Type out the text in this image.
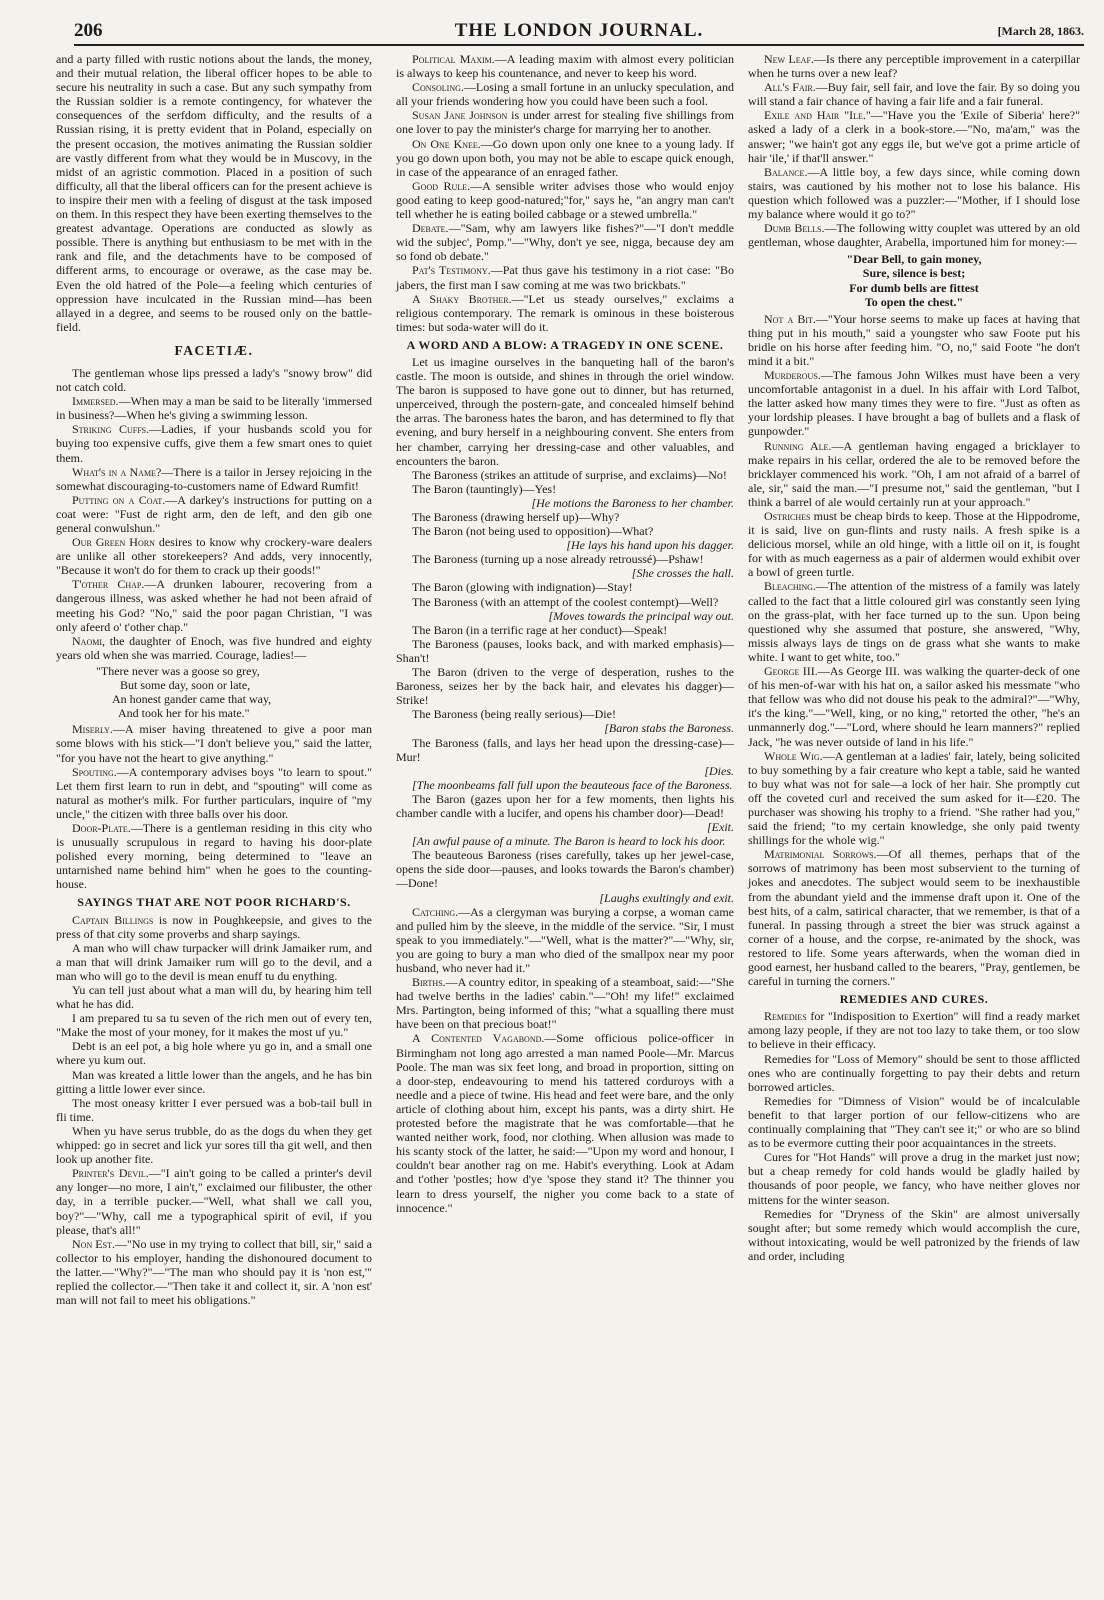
206	THE LONDON JOURNAL.	[March 28, 1863.

and a party filled with rustic notions about the lands, the money, and their mutual relation, the liberal officer hopes to be able to secure his neutrality in such a case. But any such sympathy from the Russian soldier is a remote contingency, for whatever the consequences of the serfdom difficulty, and the results of a Russian rising, it is pretty evident that in Poland, especially on the present occasion, the motives animating the Russian soldier are vastly different from what they would be in Muscovy, in the midst of an agristic commotion. Placed in a position of such difficulty, all that the liberal officers can for the present achieve is to inspire their men with a feeling of disgust at the task imposed on them. In this respect they have been exerting themselves to the greatest advantage. Operations are conducted as slowly as possible. There is anything but enthusiasm to be met with in the rank and file, and the detachments have to be composed of different arms, to encourage or overawe, as the case may be. Even the old hatred of the Pole—a feeling which centuries of oppression have inculcated in the Russian mind—has been allayed in a degree, and seems to be roused only on the battle-field.

FACETIÆ.

The gentleman whose lips pressed a lady's "snowy brow" did not catch cold.

Immersed.—When may a man be said to be literally 'immersed in business?—When he's giving a swimming lesson.

Striking Cuffs.—Ladies, if your husbands scold you for buying too expensive cuffs, give them a few smart ones to quiet them.

What's in a Name?—There is a tailor in Jersey rejoicing in the somewhat discouraging-to-customers name of Edward Rumfit!

Putting on a Coat.—A darkey's instructions for putting on a coat were: "Fust de right arm, den de left, and den gib one general conwulshun."

Our Green Horn desires to know why crockery-ware dealers are unlike all other storekeepers? And adds, very innocently, "Because it won't do for them to crack up their goods!"

T'other Chap.—A drunken labourer, recovering from a dangerous illness, was asked whether he had not been afraid of meeting his God? "No," said the poor pagan Christian, "I was only afeerd o' t'other chap."

Naomi, the daughter of Enoch, was five hundred and eighty years old when she was married. Courage, ladies!—

"There never was a goose so grey,
But some day, soon or late,
An honest gander came that way,
And took her for his mate."

Miserly.—A miser having threatened to give a poor man some blows with his stick—"I don't believe you," said the latter, "for you have not the heart to give anything."

Spouting.—A contemporary advises boys "to learn to spout." Let them first learn to run in debt, and "spouting" will come as natural as mother's milk. For further particulars, inquire of "my uncle," the citizen with three balls over his door.

Door-Plate.—There is a gentleman residing in this city who is unusually scrupulous in regard to having his door-plate polished every morning, being determined to "leave an untarnished name behind him" when he goes to the counting-house.

SAYINGS THAT ARE NOT POOR RICHARD'S.

Captain Billings is now in Poughkeepsie, and gives to the press of that city some proverbs and sharp sayings.

A man who will chaw turpacker will drink Jamaiker rum, and a man that will drink Jamaiker rum will go to the devil, and a man who will go to the devil is mean enuff tu du enything.

Yu can tell just about what a man will du, by hearing him tell what he has did.

I am prepared tu sa tu seven of the rich men out of every ten, "Make the most of your money, for it makes the most uf yu."

Debt is an eel pot, a big hole where yu go in, and a small one where yu kum out.

Man was kreated a little lower than the angels, and he has bin gitting a little lower ever since.

The most oneasy kritter I ever persued was a bob-tail bull in fli time.

When yu have serus trubble, do as the dogs du when they get whipped: go in secret and lick yur sores till tha git well, and then look up another fite.

Printer's Devil.—"I ain't going to be called a printer's devil any longer—no more, I ain't," exclaimed our filibuster, the other day, in a terrible pucker.—"Well, what shall we call you, boy?"—"Why, call me a typographical spirit of evil, if you please, that's all!"

Non Est.—"No use in my trying to collect that bill, sir," said a collector to his employer, handing the dishonoured document to the latter.—"Why?"—"The man who should pay it is 'non est,'" replied the collector.—"Then take it and collect it, sir. A 'non est' man will not fail to meet his obligations."

Political Maxim.—A leading maxim with almost every politician is always to keep his countenance, and never to keep his word.

Consoling.—Losing a small fortune in an unlucky speculation, and all your friends wondering how you could have been such a fool.

Susan Jane Johnson is under arrest for stealing five shillings from one lover to pay the minister's charge for marrying her to another.

On One Knee.—Go down upon only one knee to a young lady. If you go down upon both, you may not be able to escape quick enough, in case of the appearance of an enraged father.

Good Rule.—A sensible writer advises those who would enjoy good eating to keep good-natured;"for," says he, "an angry man can't tell whether he is eating boiled cabbage or a stewed umbrella."

Debate.—"Sam, why am lawyers like fishes?"—"I don't meddle wid the subjec', Pomp."—"Why, don't ye see, nigga, because dey am so fond ob debate."

Pat's Testimony.—Pat thus gave his testimony in a riot case: "Bo jabers, the first man I saw coming at me was two brickbats."

A Shaky Brother.—"Let us steady ourselves," exclaims a religious contemporary. The remark is ominous in these boisterous times: but soda-water will do it.

A WORD AND A BLOW: A TRAGEDY IN ONE SCENE.

Let us imagine ourselves in the banqueting hall of the baron's castle. The moon is outside, and shines in through the oriel window. The baron is supposed to have gone out to dinner, but has returned, unperceived, through the postern-gate, and concealed himself behind the arras. The baroness hates the baron, and has determined to fly that evening, and bury herself in a neighbouring convent. She enters from her chamber, carrying her dressing-case and other valuables, and encounters the baron.

The Baroness (strikes an attitude of surprise, and exclaims)—No!

The Baron (tauntingly)—Yes!

[He motions the Baroness to her chamber.

The Baroness (drawing herself up)—Why?

The Baron (not being used to opposition)—What?

[He lays his hand upon his dagger.

The Baroness (turning up a nose already retroussé)—Pshaw!

[She crosses the hall.

The Baron (glowing with indignation)—Stay!

The Baroness (with an attempt of the coolest contempt)—Well?

[Moves towards the principal way out.

The Baron (in a terrific rage at her conduct)—Speak!

The Baroness (pauses, looks back, and with marked emphasis)—Shan't!

The Baron (driven to the verge of desperation, rushes to the Baroness, seizes her by the back hair, and elevates his dagger)—Strike!

The Baroness (being really serious)—Die!

[Baron stabs the Baroness.

The Baroness (falls, and lays her head upon the dressing-case)—Mur!

[Dies.

[The moonbeams fall full upon the beauteous face of the Baroness.

The Baron (gazes upon her for a few moments, then lights his chamber candle with a lucifer, and opens his chamber door)—Dead!

[Exit.

[An awful pause of a minute. The Baron is heard to lock his door.

The beauteous Baroness (rises carefully, takes up her jewel-case, opens the side door—pauses, and looks towards the Baron's chamber)—Done!

[Laughs exultingly and exit.

Catching.—As a clergyman was burying a corpse, a woman came and pulled him by the sleeve, in the middle of the service. "Sir, I must speak to you immediately."—"Well, what is the matter?"—"Why, sir, you are going to bury a man who died of the smallpox near my poor husband, who never had it."

Births.—A country editor, in speaking of a steamboat, said:—"She had twelve berths in the ladies' cabin."—"Oh! my life!" exclaimed Mrs. Partington, being informed of this; "what a squalling there must have been on that precious boat!"

A Contented Vagabond.—Some officious police-officer in Birmingham not long ago arrested a man named Poole—Mr. Marcus Poole. The man was six feet long, and broad in proportion, sitting on a door-step, endeavouring to mend his tattered corduroys with a needle and a piece of twine. His head and feet were bare, and the only article of clothing about him, except his pants, was a dirty shirt. He protested before the magistrate that he was comfortable—that he wanted neither work, food, nor clothing. When allusion was made to his scanty stock of the latter, he said:—"Upon my word and honour, I couldn't bear another rag on me. Habit's everything. Look at Adam and t'other 'postles; how d'ye 'spose they stand it? The thinner you learn to dress yourself, the nigher you come back to a state of innocence."

New Leaf.—Is there any perceptible improvement in a caterpillar when he turns over a new leaf?

All's Fair.—Buy fair, sell fair, and love the fair. By so doing you will stand a fair chance of having a fair life and a fair funeral.

Exile and Hair "Ile."—"Have you the 'Exile of Siberia' here?" asked a lady of a clerk in a book-store.—"No, ma'am," was the answer; "we hain't got any eggs ile, but we've got a prime article of hair 'ile,' if that'll answer."

Balance.—A little boy, a few days since, while coming down stairs, was cautioned by his mother not to lose his balance. His question which followed was a puzzler:—"Mother, if I should lose my balance where would it go to?"

Dumb Bells.—The following witty couplet was uttered by an old gentleman, whose daughter, Arabella, importuned him for money:—

"Dear Bell, to gain money,
Sure, silence is best;
For dumb bells are fittest
To open the chest."

Not a Bit.—"Your horse seems to make up faces at having that thing put in his mouth," said a youngster who saw Foote put his bridle on his horse after feeding him. "O, no," said Foote "he don't mind it a bit."

Murderous.—The famous John Wilkes must have been a very uncomfortable antagonist in a duel. In his affair with Lord Talbot, the latter asked how many times they were to fire. "Just as often as your lordship pleases. I have brought a bag of bullets and a flask of gunpowder."

Running Ale.—A gentleman having engaged a bricklayer to make repairs in his cellar, ordered the ale to be removed before the bricklayer commenced his work. "Oh, I am not afraid of a barrel of ale, sir," said the man.—"I presume not," said the gentleman, "but I think a barrel of ale would certainly run at your approach."

Ostriches must be cheap birds to keep. Those at the Hippodrome, it is said, live on gun-flints and rusty nails. A fresh spike is a delicious morsel, while an old hinge, with a little oil on it, is fought for with as much eagerness as a pair of aldermen would exhibit over a bowl of green turtle.

Bleaching.—The attention of the mistress of a family was lately called to the fact that a little coloured girl was constantly seen lying on the grass-plat, with her face turned up to the sun. Upon being questioned why she assumed that posture, she answered, "Why, missis always lays de tings on de grass what she wants to make white. I want to get white, too."

George III.—As George III. was walking the quarter-deck of one of his men-of-war with his hat on, a sailor asked his messmate "who that fellow was who did not douse his peak to the admiral?"—"Why, it's the king."—"Well, king, or no king," retorted the other, "he's an unmannerly dog."—"Lord, where should he learn manners?" replied Jack, "he was never outside of land in his life."

Whole Wig.—A gentleman at a ladies' fair, lately, being solicited to buy something by a fair creature who kept a table, said he wanted to buy what was not for sale—a lock of her hair. She promptly cut off the coveted curl and received the sum asked for it—£20. The purchaser was showing his trophy to a friend. "She rather had you," said the friend; "to my certain knowledge, she only paid twenty shillings for the whole wig."

Matrimonial Sorrows.—Of all themes, perhaps that of the sorrows of matrimony has been most subservient to the turning of jokes and anecdotes. The subject would seem to be inexhaustible from the abundant yield and the immense draft upon it. One of the best hits, of a calm, satirical character, that we remember, is that of a funeral. In passing through a street the bier was struck against a corner of a house, and the corpse, re-animated by the shock, was restored to life. Some years afterwards, when the woman died in good earnest, her husband called to the bearers, "Pray, gentlemen, be careful in turning the corners."

REMEDIES AND CURES.

Remedies for "Indisposition to Exertion" will find a ready market among lazy people, if they are not too lazy to take them, or too slow to believe in their efficacy.

Remedies for "Loss of Memory" should be sent to those afflicted ones who are continually forgetting to pay their debts and return borrowed articles.

Remedies for "Dimness of Vision" would be of incalculable benefit to that larger portion of our fellow-citizens who are continually complaining that "They can't see it;" or who are so blind as to be evermore cutting their poor acquaintances in the streets.

Cures for "Hot Hands" will prove a drug in the market just now; but a cheap remedy for cold hands would be gladly hailed by thousands of poor people, we fancy, who have neither gloves nor mittens for the winter season.

Remedies for "Dryness of the Skin" are almost universally sought after; but some remedy which would accomplish the cure, without intoxicating, would be well patronized by the friends of law and order, including
